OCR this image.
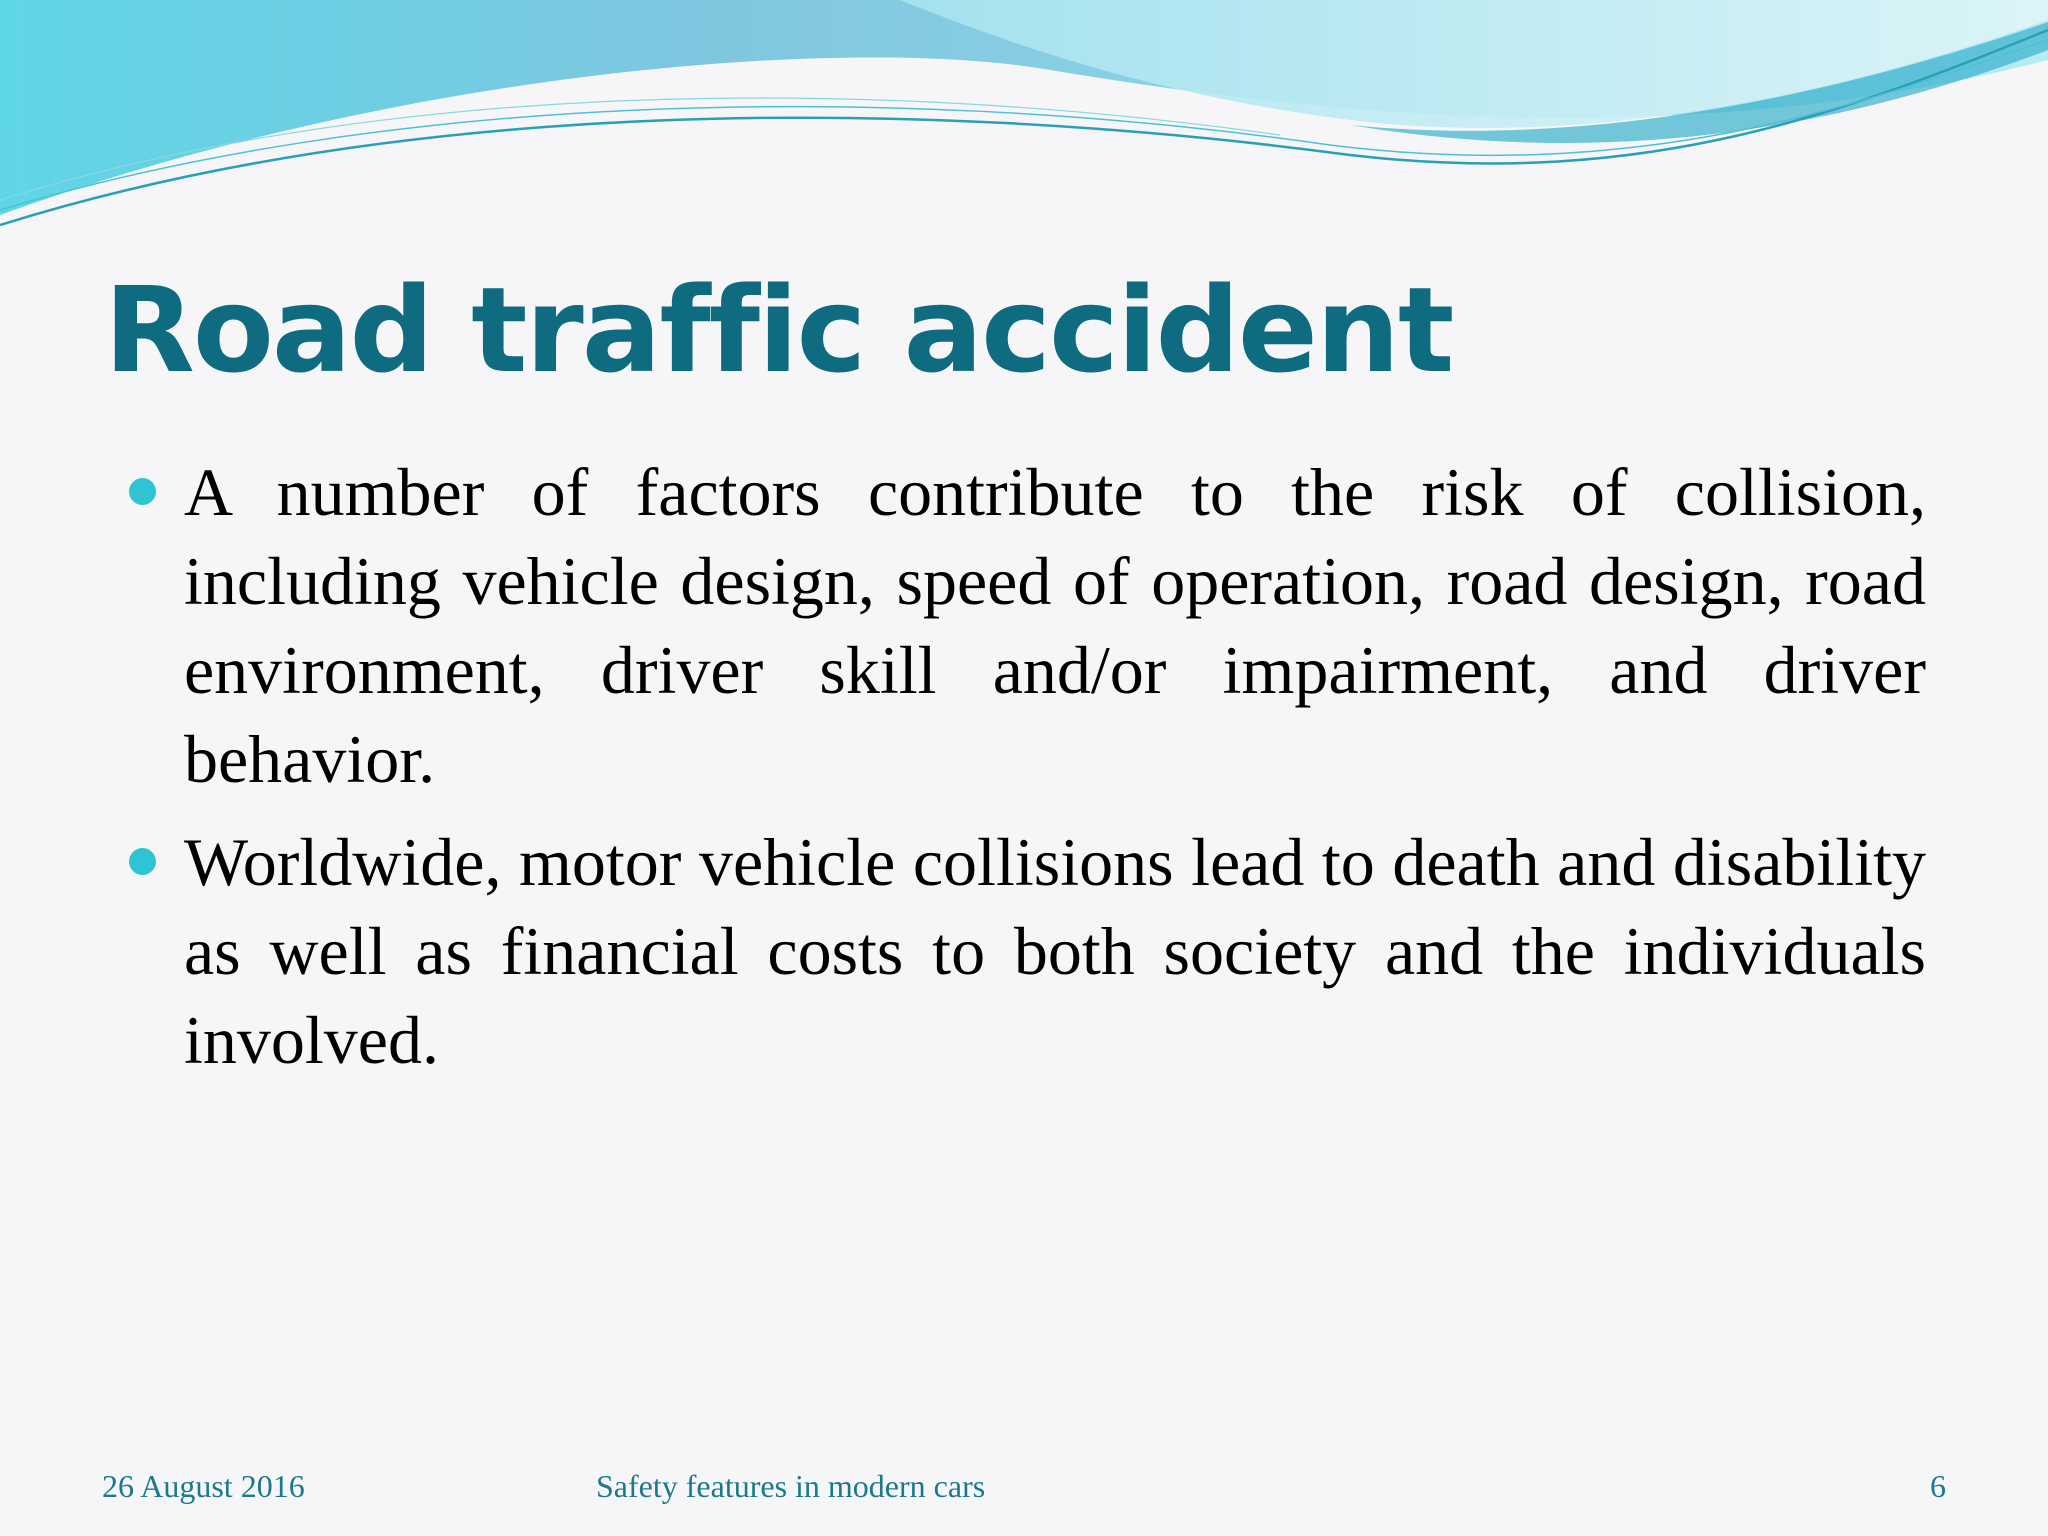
Road traffic accident
A number of factors contribute to the risk of collision, including vehicle design, speed of operation, road design, road environment, driver skill and/or impairment, and driver behavior.
Worldwide, motor vehicle collisions lead to death and disability as well as financial costs to both society and the individuals involved.
26 August 2016	Safety features in modern cars	6
